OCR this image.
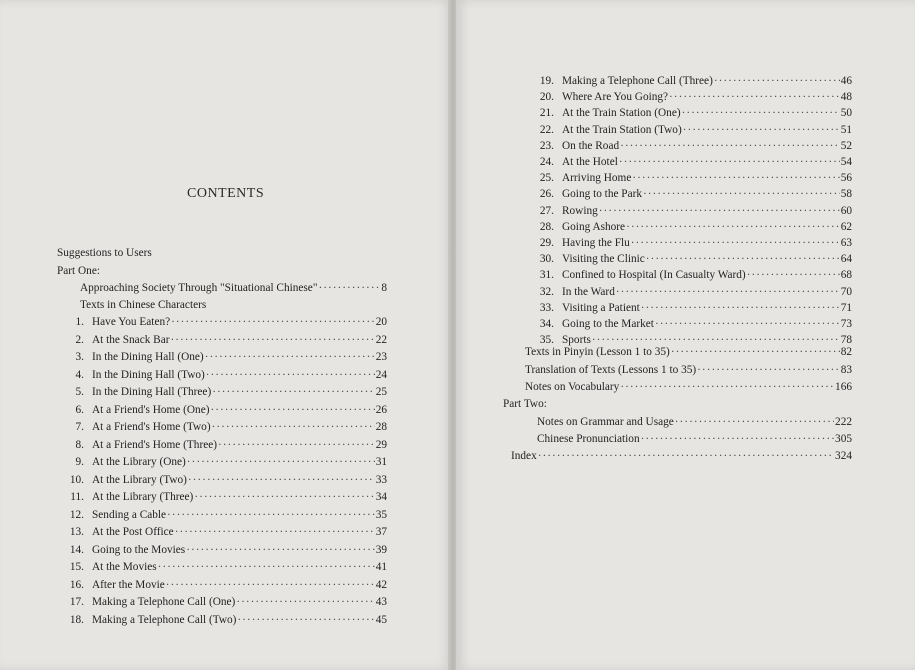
CONTENTS
Suggestions to Users
Part One:
Approaching Society Through "Situational Chinese" ·····	8
Texts in Chinese Characters
1. Have You Eaten? ·····	20
2. At the Snack Bar ·····	22
3. In the Dining Hall (One) ·····	23
4. In the Dining Hall (Two) ·····	24
5. In the Dining Hall (Three) ·····	25
6. At a Friend's Home (One) ·····	26
7. At a Friend's Home (Two) ·····	28
8. At a Friend's Home (Three) ·····	29
9. At the Library (One) ·····	31
10. At the Library (Two) ·····	33
11. At the Library (Three) ·····	34
12. Sending a Cable ·····	35
13. At the Post Office ·····	37
14. Going to the Movies ·····	39
15. At the Movies ·····	41
16. After the Movie ·····	42
17. Making a Telephone Call (One) ·····	43
18. Making a Telephone Call (Two) ·····	45
19. Making a Telephone Call (Three) ·····	46
20. Where Are You Going? ·····	48
21. At the Train Station (One) ·····	50
22. At the Train Station (Two) ·····	51
23. On the Road ·····	52
24. At the Hotel ·····	54
25. Arriving Home ·····	56
26. Going to the Park ·····	58
27. Rowing ·····	60
28. Going Ashore ·····	62
29. Having the Flu ·····	63
30. Visiting the Clinic ·····	64
31. Confined to Hospital (In Casualty Ward) ·····	68
32. In the Ward ·····	70
33. Visiting a Patient ·····	71
34. Going to the Market ·····	73
35. Sports ·····	78
Texts in Pinyin (Lesson 1 to 35) ·····	82
Translation of Texts (Lessons 1 to 35) ·····	83
Notes on Vocabulary ·····	166
Part Two:
Notes on Grammar and Usage ·····	222
Chinese Pronunciation ·····	305
Index ·····	324
